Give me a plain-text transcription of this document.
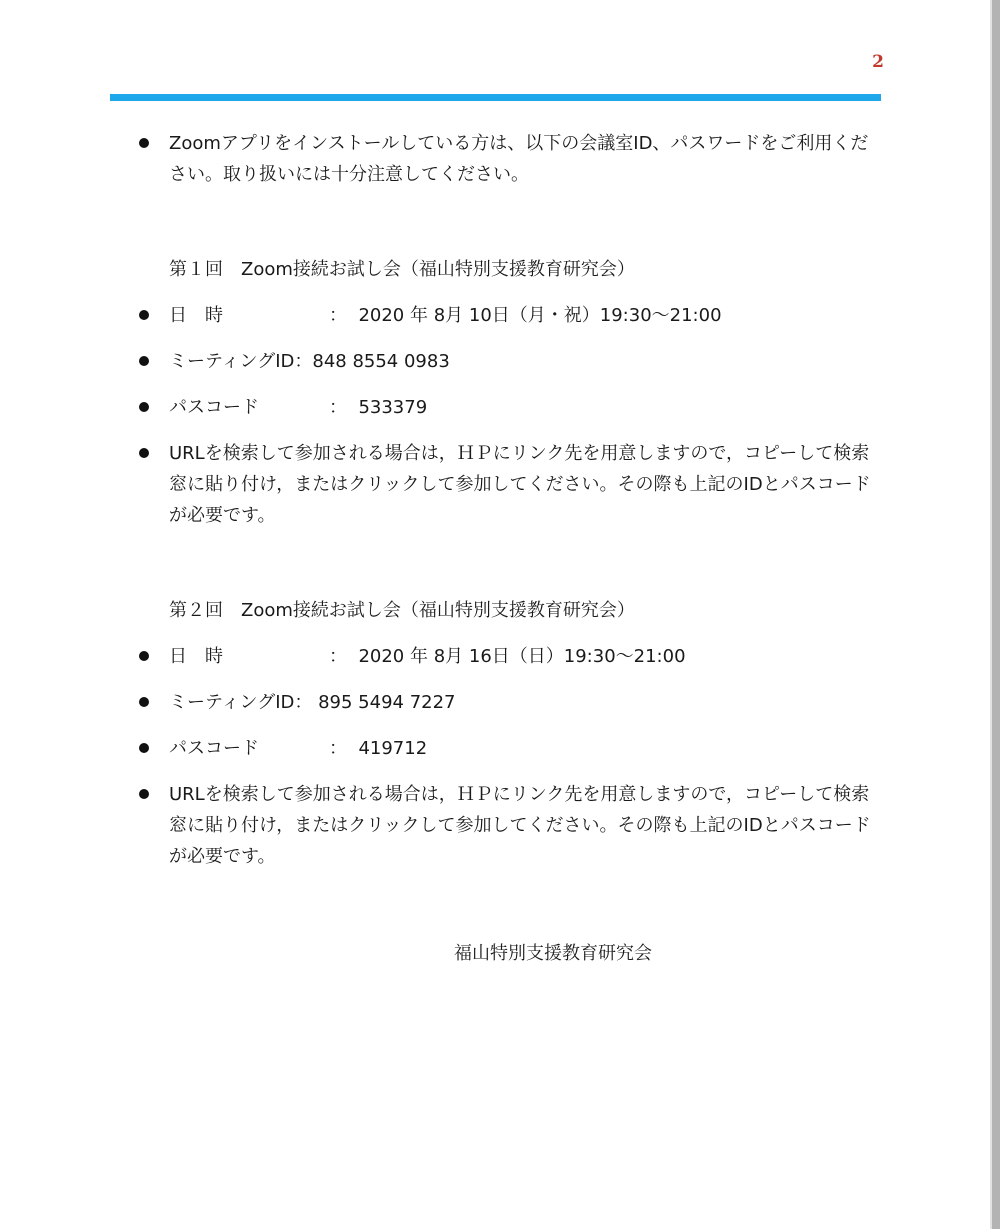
2

Zoomアプリをインストールしている方は、以下の会議室ID、パスワードをご利用ください。取り扱いには十分注意してください。

第１回　Zoom接続お試し会（福山特別支援教育研究会）

日　時	：  2020 年 8月 10日（月・祝）19:30～21:00
ミーティングID： 848 8554 0983
パスコード	：  533379

URLを検索して参加される場合は，ＨＰにリンク先を用意しますので，コピーして検索窓に貼り付け，またはクリックして参加してください。その際も上記のIDとパスコードが必要です。

第２回　Zoom接続お試し会（福山特別支援教育研究会）

日　時	：  2020 年 8月 16日（日）19:30～21:00
ミーティングID： 895 5494 7227
パスコード	：  419712

URLを検索して参加される場合は，ＨＰにリンク先を用意しますので，コピーして検索窓に貼り付け，またはクリックして参加してください。その際も上記のIDとパスコードが必要です。

福山特別支援教育研究会
